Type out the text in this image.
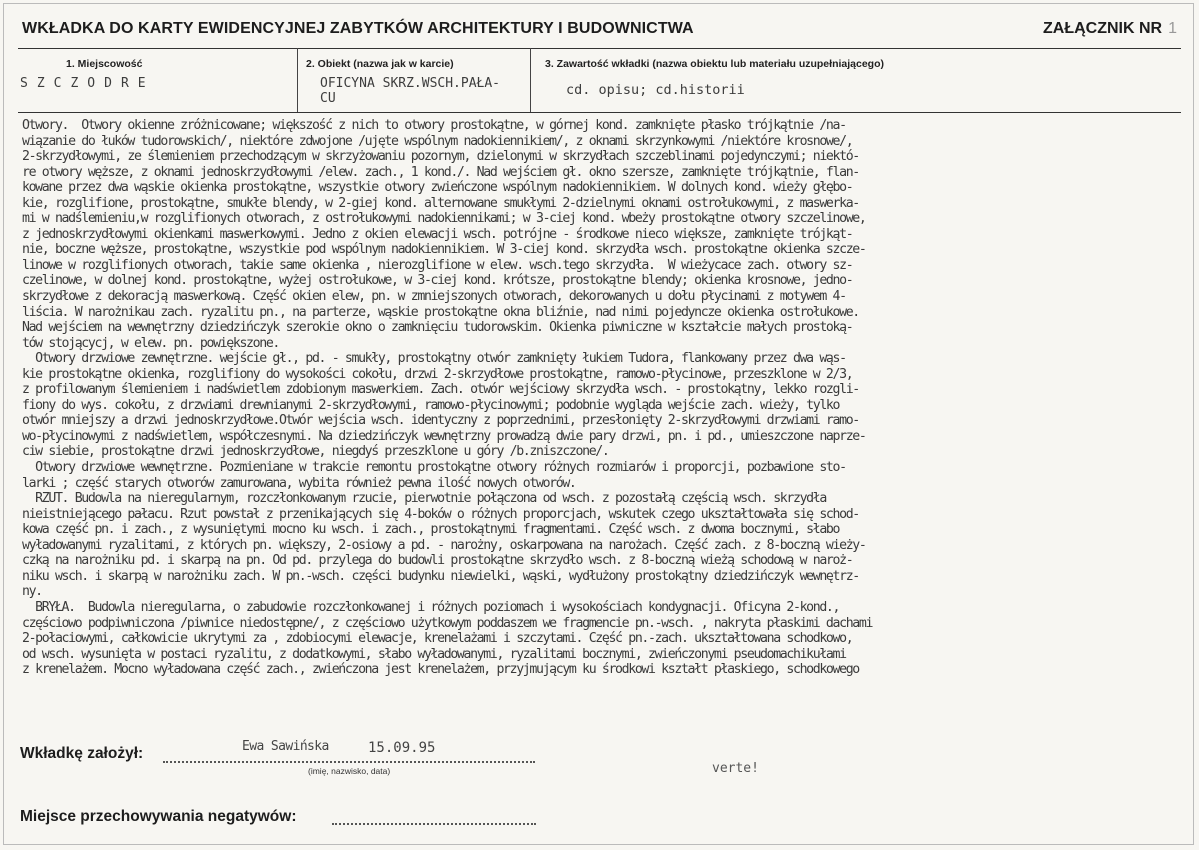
WKŁADKA DO KARTY EWIDENCYJNEJ ZABYTKÓW ARCHITEKTURY I BUDOWNICTWA	ZAŁĄCZNIK NR 1
1. Miejscowość	2. Obiekt (nazwa jak w karcie)	3. Zawartość wkładki (nazwa obiektu lub materiału uzupełniającego)
SZCZODRE	OFICYNA SKRZ.WSCH.PAŁA-
CU
cd. opisu; cd.historii
Otwory.  Otwory okienne zróżnicowane; większość z nich to otwory prostokątne, w górnej kond. zamknięte płasko trójkątnie /na-
wiązanie do łuków tudorowskich/, niektóre zdwojone /ujęte wspólnym nadokiennikiem/, z oknami skrzynkowymi /niektóre krosnowe/,
2-skrzydłowymi, ze ślemieniem przechodzącym w skrzyżowaniu pozornym, dzielonymi w skrzydłach szczeblinami pojedynczymi; niektó-
re otwory węższe, z oknami jednoskrzydłowymi /elew. zach., 1 kond./. Nad wejściem gł. okno szersze, zamknięte trójkątnie, flan-
kowane przez dwa wąskie okienka prostokątne, wszystkie otwory zwieńczone wspólnym nadokiennikiem. W dolnych kond. wieży głębo-
kie, rozglifione, prostokątne, smukłe blendy, w 2-giej kond. alternowane smukłymi 2-dzielnymi oknami ostrołukowymi, z maswerka-
mi w nadślemieniu,w rozglifionych otworach, z ostrołukowymi nadokiennikami; w 3-ciej kond. wbeży prostokątne otwory szczelinowe,
z jednoskrzydłowymi okienkami maswerkowymi. Jedno z okien elewacji wsch. potrójne - środkowe nieco większe, zamknięte trójkąt-
nie, boczne węższe, prostokątne, wszystkie pod wspólnym nadokiennikiem. W 3-ciej kond. skrzydła wsch. prostokątne okienka szcze-
linowe w rozglifionych otworach, takie same okienka , nierozglifione w elew. wsch.tego skrzydła.  W wieżycace zach. otwory sz-
czelinowe, w dolnej kond. prostokątne, wyżej ostrołukowe, w 3-ciej kond. krótsze, prostokątne blendy; okienka krosnowe, jedno-
skrzydłowe z dekoracją maswerkową. Część okien elew, pn. w zmniejszonych otworach, dekorowanych u dołu płycinami z motywem 4-
liścia. W narożnikau zach. ryzalitu pn., na parterze, wąskie prostokątne okna bliźnie, nad nimi pojedyncze okienka ostrołukowe.
Nad wejściem na wewnętrzny dziedzińczyk szerokie okno o zamknięciu tudorowskim. Okienka piwniczne w kształcie małych prostoką-
tów stojącycj, w elew. pn. powiększone.
Otwory drzwiowe zewnętrzne. wejście gł., pd. - smukły, prostokątny otwór zamknięty łukiem Tudora, flankowany przez dwa wąs-
kie prostokątne okienka, rozglifiony do wysokości cokołu, drzwi 2-skrzydłowe prostokątne, ramowo-płycinowe, przeszklone w 2/3,
z profilowanym ślemieniem i nadświetlem zdobionym maswerkiem. Zach. otwór wejściowy skrzydła wsch. - prostokątny, lekko rozgli-
fiony do wys. cokołu, z drzwiami drewnianymi 2-skrzydłowymi, ramowo-płycinowymi; podobnie wygląda wejście zach. wieży, tylko
otwór mniejszy a drzwi jednoskrzydłowe.Otwór wejścia wsch. identyczny z poprzednimi, przesłonięty 2-skrzydłowymi drzwiami ramo-
wo-płycinowymi z nadświetlem, współczesnymi. Na dziedzińczyk wewnętrzny prowadzą dwie pary drzwi, pn. i pd., umieszczone naprze-
ciw siebie, prostokątne drzwi jednoskrzydłowe, niegdyś przeszklone u góry /b.zniszczone/.
Otwory drzwiowe wewnętrzne. Pozmieniane w trakcie remontu prostokątne otwory różnych rozmiarów i proporcji, pozbawione sto-
larki ; część starych otworów zamurowana, wybita również pewna ilość nowych otworów.
RZUT. Budowla na nieregularnym, rozczłonkowanym rzucie, pierwotnie połączona od wsch. z pozostałą częścią wsch. skrzydła
nieistniejącego pałacu. Rzut powstał z przenikających się 4-boków o różnych proporcjach, wskutek czego ukształtowała się schod-
kowa część pn. i zach., z wysuniętymi mocno ku wsch. i zach., prostokątnymi fragmentami. Część wsch. z dwoma bocznymi, słabo
wyładowanymi ryzalitami, z których pn. większy, 2-osiowy a pd. - narożny, oskarpowana na narożach. Część zach. z 8-boczną wieży-
czką na narożniku pd. i skarpą na pn. Od pd. przylega do budowli prostokątne skrzydło wsch. z 8-boczną wieżą schodową w naroż-
niku wsch. i skarpą w narożniku zach. W pn.-wsch. części budynku niewielki, wąski, wydłużony prostokątny dziedzińczyk wewnętrz-
ny.
BRYŁA.  Budowla nieregularna, o zabudowie rozczłonkowanej i różnych poziomach i wysokościach kondygnacji. Oficyna 2-kond.,
częściowo podpiwniczona /piwnice niedostępne/, z częściowo użytkowym poddaszem we fragmencie pn.-wsch. , nakryta płaskimi dachami
2-połaciowymi, całkowicie ukrytymi za , zdobiocymi elewacje, krenelażami i szczytami. Część pn.-zach. ukształtowana schodkowo,
od wsch. wysunięta w postaci ryzalitu, z dodatkowymi, słabo wyładowanymi, ryzalitami bocznymi, zwieńczonymi pseudomachikułami
z krenelażem. Mocno wyładowana część zach., zwieńczona jest krenelażem, przyjmującym ku środkowi kształt płaskiego, schodkowego
Wkładkę założył:	Ewa Sawińska	15.09.95
(imię, nazwisko, data)	verte!
Miejsce przechowywania negatywów:
